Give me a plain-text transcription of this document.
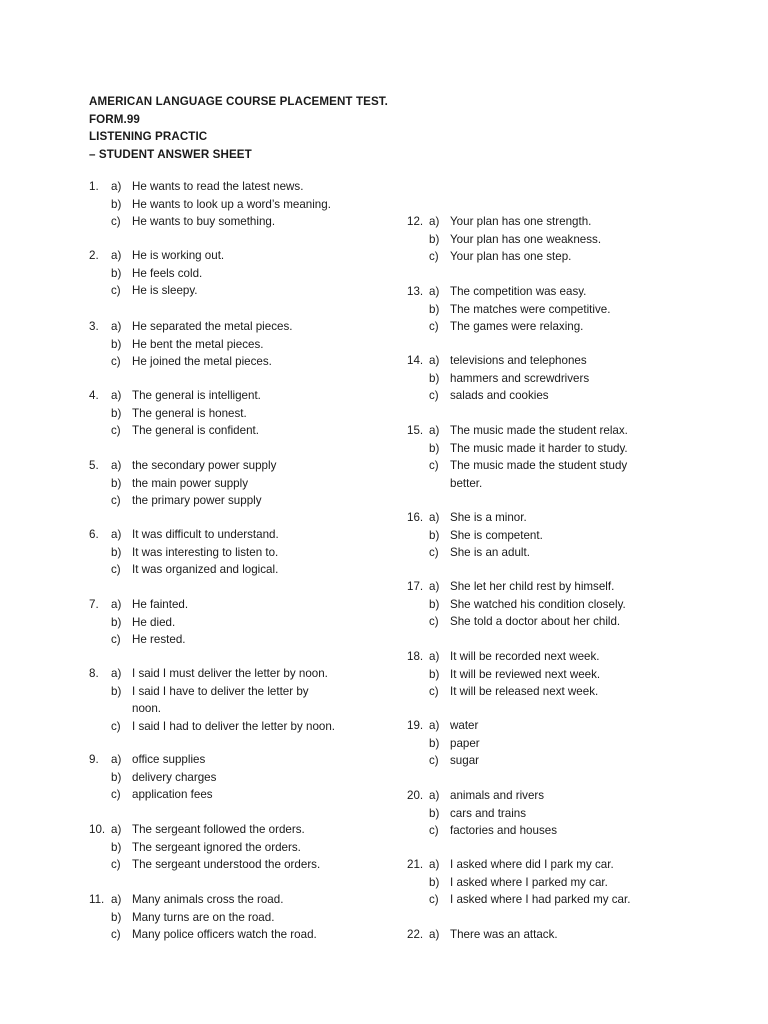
AMERICAN LANGUAGE COURSE PLACEMENT TEST.
FORM.99
LISTENING PRACTIC
– STUDENT ANSWER SHEET
1. a) He wants to read the latest news.
b) He wants to look up a word’s meaning.
c) He wants to buy something.
2. a) He is working out.
b) He feels cold.
c) He is sleepy.
3. a) He separated the metal pieces.
b) He bent the metal pieces.
c) He joined the metal pieces.
4. a) The general is intelligent.
b) The general is honest.
c) The general is confident.
5. a) the secondary power supply
b) the main power supply
c) the primary power supply
6. a) It was difficult to understand.
b) It was interesting to listen to.
c) It was organized and logical.
7. a) He fainted.
b) He died.
c) He rested.
8. a) I said I must deliver the letter by noon.
b) I said I have to deliver the letter by
noon.
c) I said I had to deliver the letter by noon.
9. a) office supplies
b) delivery charges
c) application fees
10. a) The sergeant followed the orders.
b) The sergeant ignored the orders.
c) The sergeant understood the orders.
11. a) Many animals cross the road.
b) Many turns are on the road.
c) Many police officers watch the road.
12. a) Your plan has one strength.
b) Your plan has one weakness.
c) Your plan has one step.
13. a) The competition was easy.
b) The matches were competitive.
c) The games were relaxing.
14. a) televisions and telephones
b) hammers and screwdrivers
c) salads and cookies
15. a) The music made the student relax.
b) The music made it harder to study.
c) The music made the student study
better.
16. a) She is a minor.
b) She is competent.
c) She is an adult.
17. a) She let her child rest by himself.
b) She watched his condition closely.
c) She told a doctor about her child.
18. a) It will be recorded next week.
b) It will be reviewed next week.
c) It will be released next week.
19. a) water
b) paper
c) sugar
20. a) animals and rivers
b) cars and trains
c) factories and houses
21. a) I asked where did I park my car.
b) I asked where I parked my car.
c) I asked where I had parked my car.
22. a) There was an attack.
